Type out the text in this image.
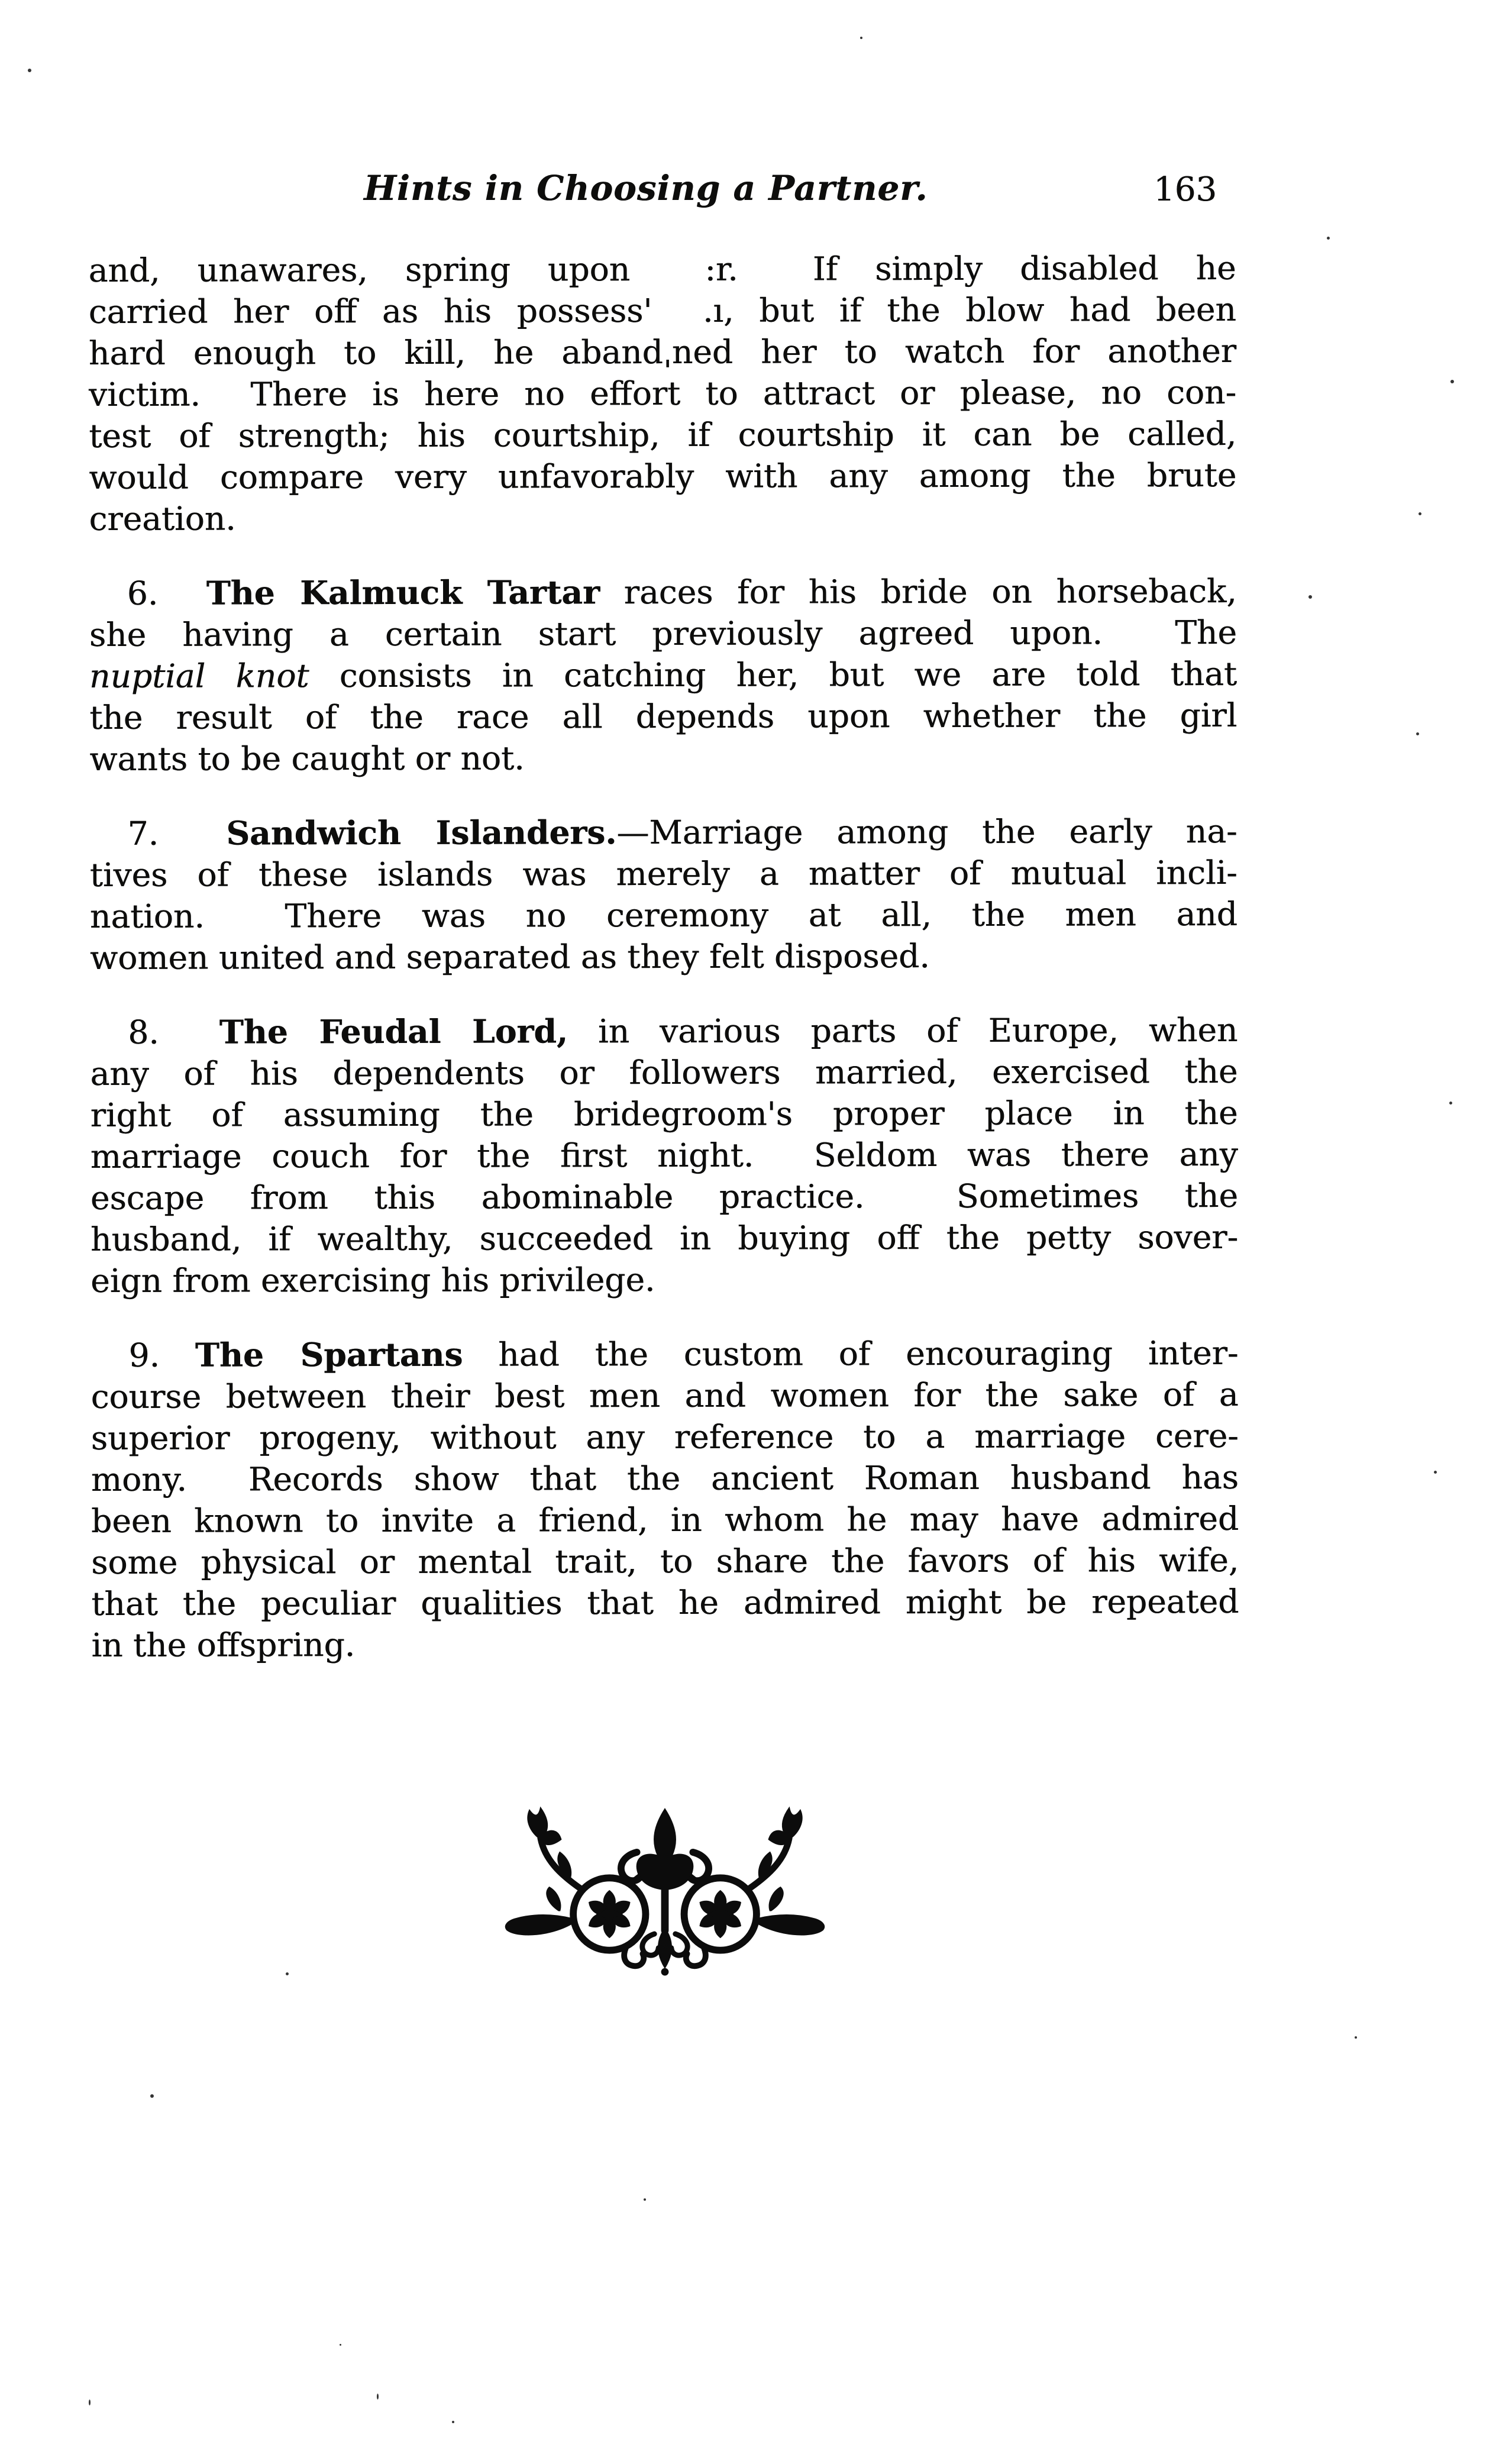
Hints in Choosing a Partner.	163
and, unawares, spring upon  :r.  If simply disabled he
carried her off as his possess'  .ı, but if the blow had been
hard enough to kill, he abandˌned her to watch for another
victim.  There is here no effort to attract or please, no con-
test of strength; his courtship, if courtship it can be called,
would compare very unfavorably with any among the brute
creation.
6.  The Kalmuck Tartar races for his bride on horseback,
she having a certain start previously agreed upon.  The
nuptial knot consists in catching her, but we are told that
the result of the race all depends upon whether the girl
wants to be caught or not.
7.  Sandwich Islanders.—Marriage among the early na-
tives of these islands was merely a matter of mutual incli-
nation.  There was no ceremony at all, the men and
women united and separated as they felt disposed.
8.  The Feudal Lord, in various parts of Europe, when
any of his dependents or followers married, exercised the
right of assuming the bridegroom's proper place in the
marriage couch for the first night.  Seldom was there any
escape from this abominable practice.  Sometimes the
husband, if wealthy, succeeded in buying off the petty sover-
eign from exercising his privilege.
9. The Spartans had the custom of encouraging inter-
course between their best men and women for the sake of a
superior progeny, without any reference to a marriage cere-
mony.  Records show that the ancient Roman husband has
been known to invite a friend, in whom he may have admired
some physical or mental trait, to share the favors of his wife,
that the peculiar qualities that he admired might be repeated
in the offspring.
